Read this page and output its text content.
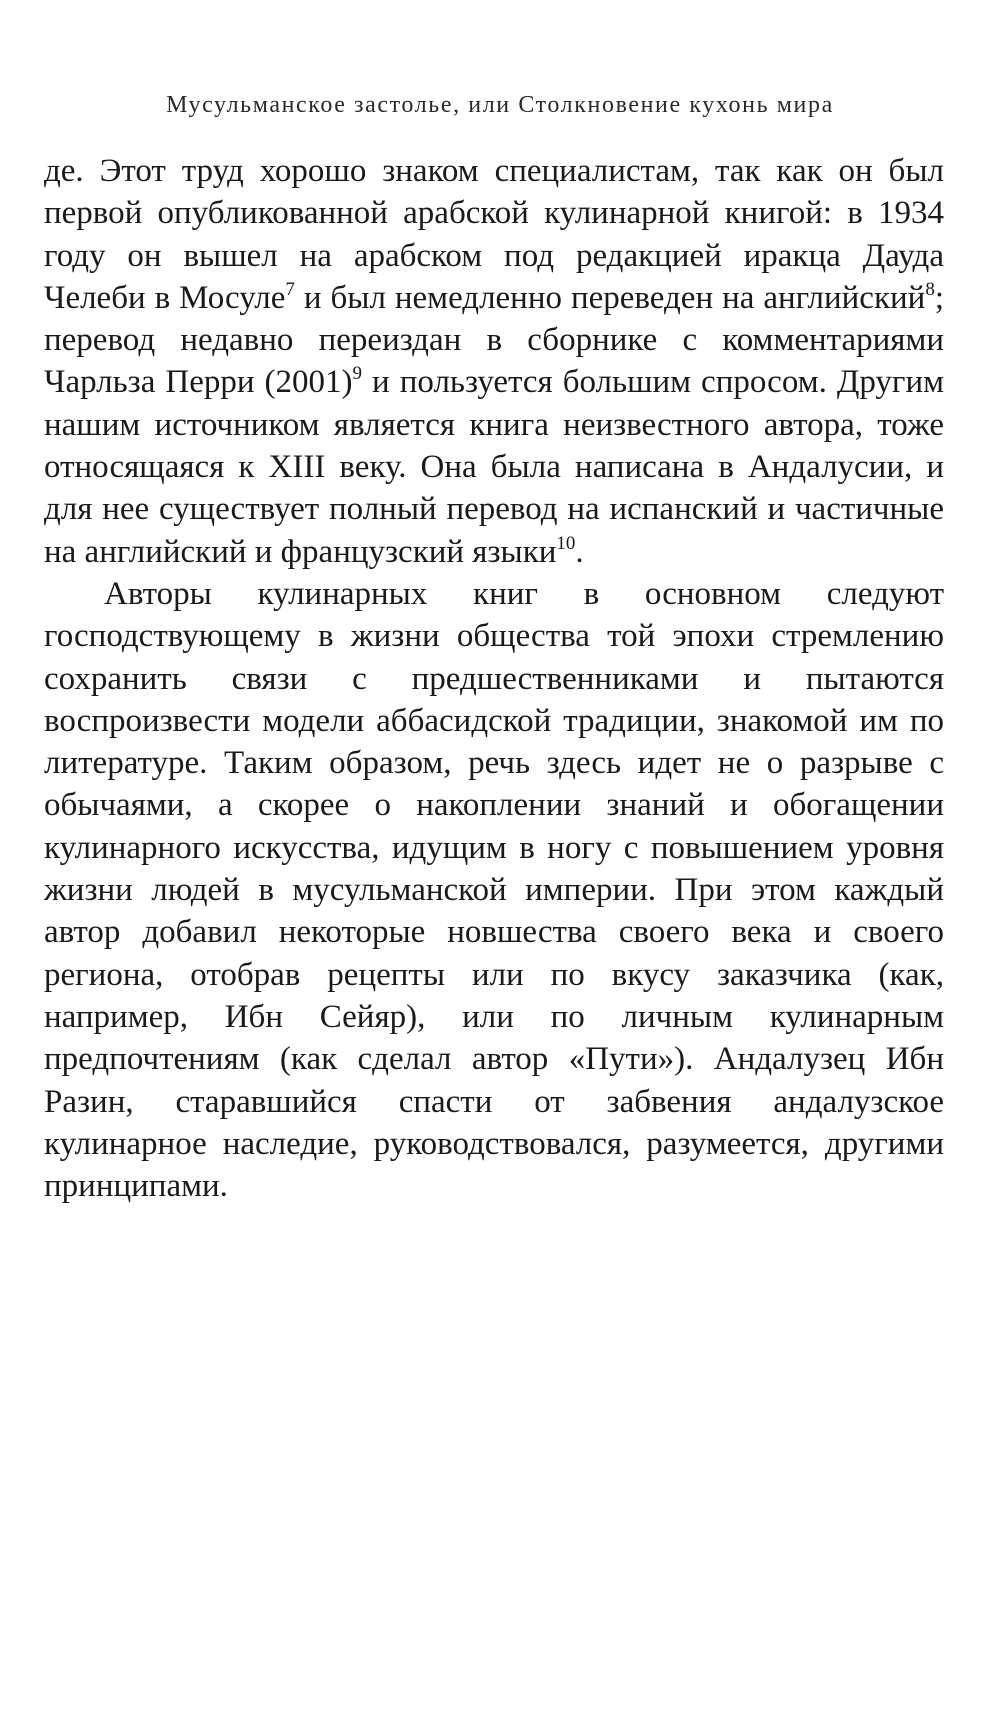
Мусульманское застолье, или Столкновение кухонь мира

де. Этот труд хорошо знаком специалистам, так как он был первой опубликованной арабской кулинарной книгой: в 1934 году он вышел на арабском под редакцией иракца Дауда Челеби в Мосуле$^7$ и был немедленно переведен на английский$^8$; перевод недавно переиздан в сборнике с комментариями Чарльза Перри (2001)$^9$ и пользуется большим спросом. Другим нашим источником является книга неизвестного автора, тоже относящаяся к XIII веку. Она была написана в Андалусии, и для нее существует полный перевод на испанский и частичные на английский и французский языки$^{10}$.

Авторы кулинарных книг в основном следуют господствующему в жизни общества той эпохи стремлению сохранить связи с предшественниками и пытаются воспроизвести модели аббасидской традиции, знакомой им по литературе. Таким образом, речь здесь идет не о разрыве с обычаями, а скорее о накоплении знаний и обогащении кулинарного искусства, идущим в ногу с повышением уровня жизни людей в мусульманской империи. При этом каждый автор добавил некоторые новшества своего века и своего региона, отобрав рецепты или по вкусу заказчика (как, например, Ибн Сейяр), или по личным кулинарным предпочтениям (как сделал автор «Пути»). Андалузец Ибн Разин, старавшийся спасти от забвения андалузское кулинарное наследие, руководствовался, разумеется, другими принципами.
